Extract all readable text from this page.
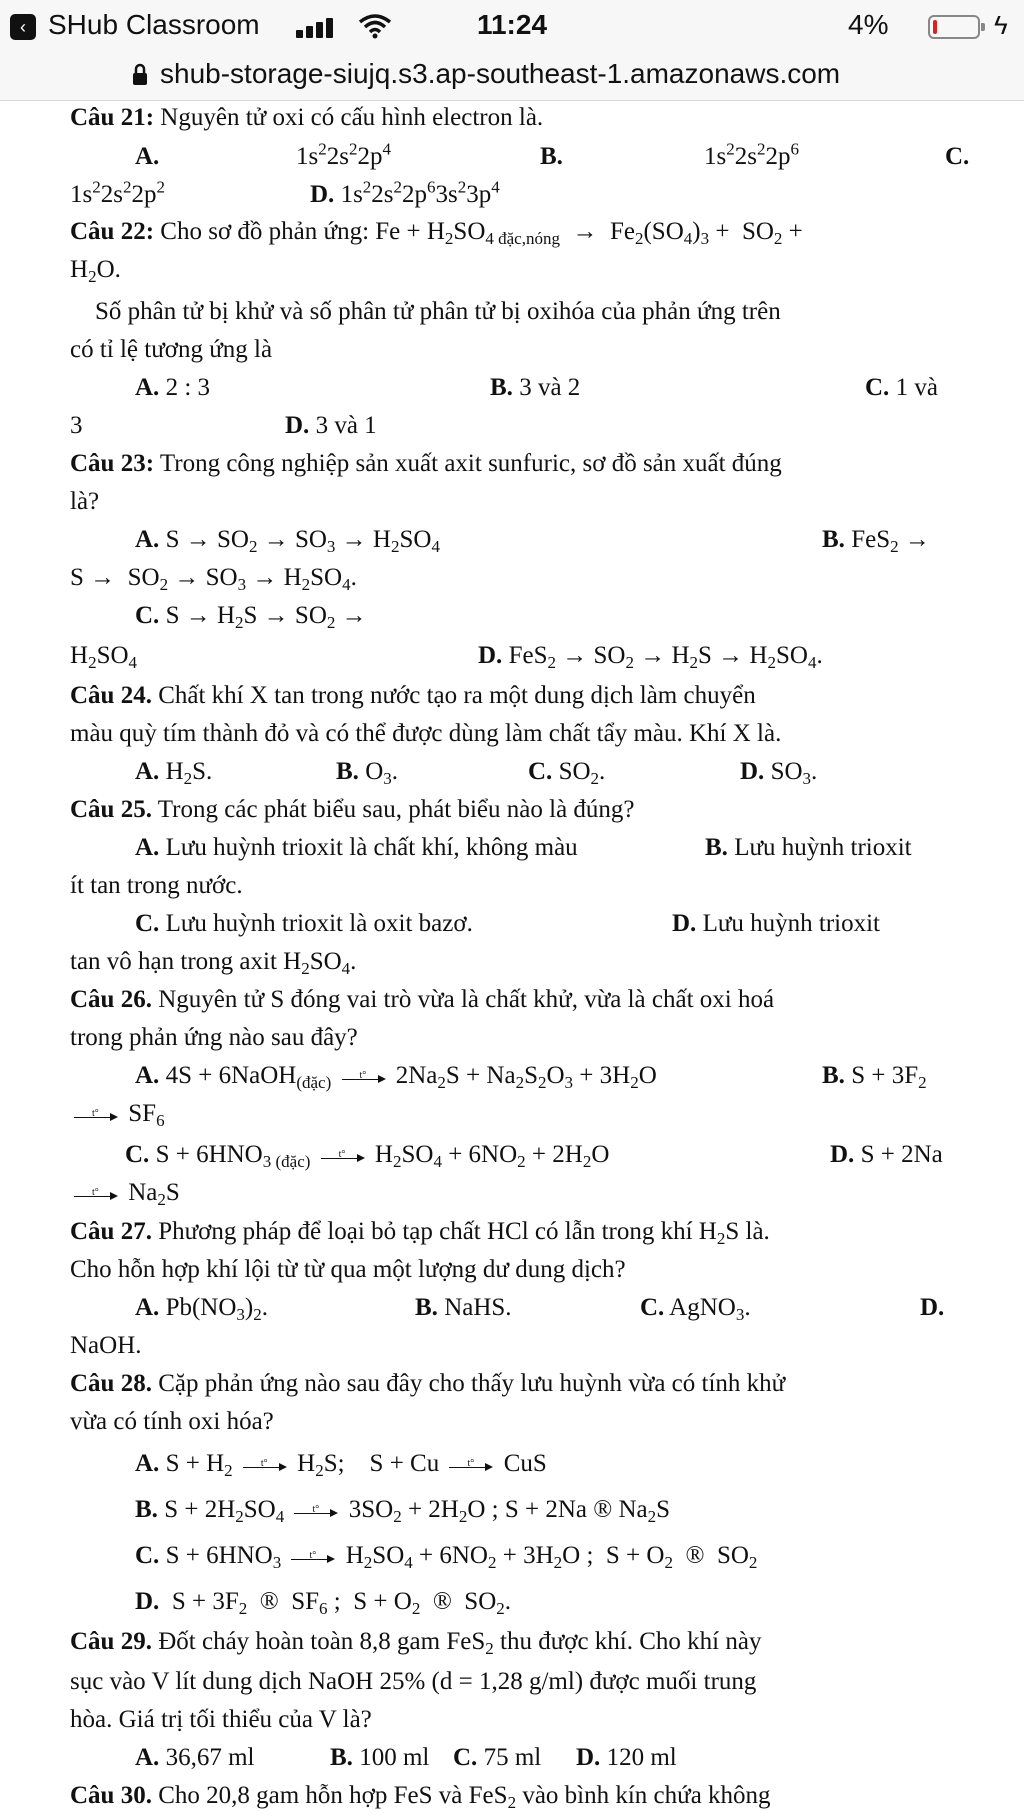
‹ SHub Classroom	11:24	4%	ϟ
shub-storage-siujq.s3.ap-southeast-1.amazonaws.com
Câu 21: Nguyên tử oxi có cấu hình electron là.
A.	$1s^22s^22p^4$	B.	$1s^22s^22p^6$	C.
$1s^22s^22p^2$	D. $1s^22s^22p^63s^23p^4$
Câu 22: Cho sơ đồ phản ứng: $Fe + H_2SO_{4 đặc,nóng} \to Fe_2(SO_4)_3 + SO_2$ +
$H_2O$.
Số phân tử bị khử và số phân tử phân tử bị oxihóa của phản ứng trên
có tỉ lệ tương ứng là
A. 2 : 3	B. 3 và 2	C. 1 và
3	D. 3 và 1
Câu 23: Trong công nghiệp sản xuất axit sunfuric, sơ đồ sản xuất đúng
là?
A. $S \to SO_2 \to SO_3 \to H_2SO_4$	B. FeS$_2$ →
$S \to SO_2 \to SO_3 \to H_2SO_4$.
C. $S \to H_2S \to SO_2$ →
$H_2SO_4$	D. $FeS_2 \to SO_2 \to H_2S \to H_2SO_4$.
Câu 24. Chất khí X tan trong nước tạo ra một dung dịch làm chuyển
màu quỳ tím thành đỏ và có thể được dùng làm chất tẩy màu. Khí X là.
A. $H_2S$.	B. $O_3$.	C. $SO_2$.	D. $SO_3$.
Câu 25. Trong các phát biểu sau, phát biểu nào là đúng?
A. Lưu huỳnh trioxit là chất khí, không màu	B. Lưu huỳnh trioxit
ít tan trong nước.
C. Lưu huỳnh trioxit là oxit bazơ.	D. Lưu huỳnh trioxit
tan vô hạn trong axit $H_2SO_4$.
Câu 26. Nguyên tử S đóng vai trò vừa là chất khử, vừa là chất oxi hoá
trong phản ứng nào sau đây?
A. 4S + 6NaOH$_{(đặc)}$	t° $2Na_2S + Na_2S_2O_3 + 3H_2O$	B. $S + 3F_2$
t° $SF_6$
C. $S + 6HNO_{3 (đặc)}$	t° $H_2SO_4 + 6NO_2 + 2H_2O$	D. S + 2Na
t° $Na_2S$
Câu 27. Phương pháp để loại bỏ tạp chất HCl có lẫn trong khí $H_2S$ là.
Cho hỗn hợp khí lội từ từ qua một lượng dư dung dịch?
A. $Pb(NO_3)_2$.	B. NaHS.	C. AgNO$_3$.	D.
NaOH.
Câu 28. Cặp phản ứng nào sau đây cho thấy lưu huỳnh vừa có tính khử
vừa có tính oxi hóa?
A. $S + H_2$	t° $H_2S$;    S + Cu t° CuS
B. $S + 2H_2SO_4$	t° $3SO_2 + 2H_2O$ ; S + 2Na ® $Na_2S$
C. $S + 6HNO_3$	t° $H_2SO_4 + 6NO_2 + 3H_2O$ ;  $S + O_2$  ®  $SO_2$
D.  $S + 3F_2$  ®  $SF_6$ ;  $S + O_2$  ®  $SO_2$.
Câu 29. Đốt cháy hoàn toàn 8,8 gam FeS$_2$ thu được khí. Cho khí này
sục vào V lít dung dịch NaOH 25% (d = 1,28 g/ml) được muối trung
hòa. Giá trị tối thiểu của V là?
A. 36,67 ml	B. 100 ml C. 75 ml D. 120 ml
Câu 30. Cho 20,8 gam hỗn hợp FeS và FeS$_2$ vào bình kín chứa không
